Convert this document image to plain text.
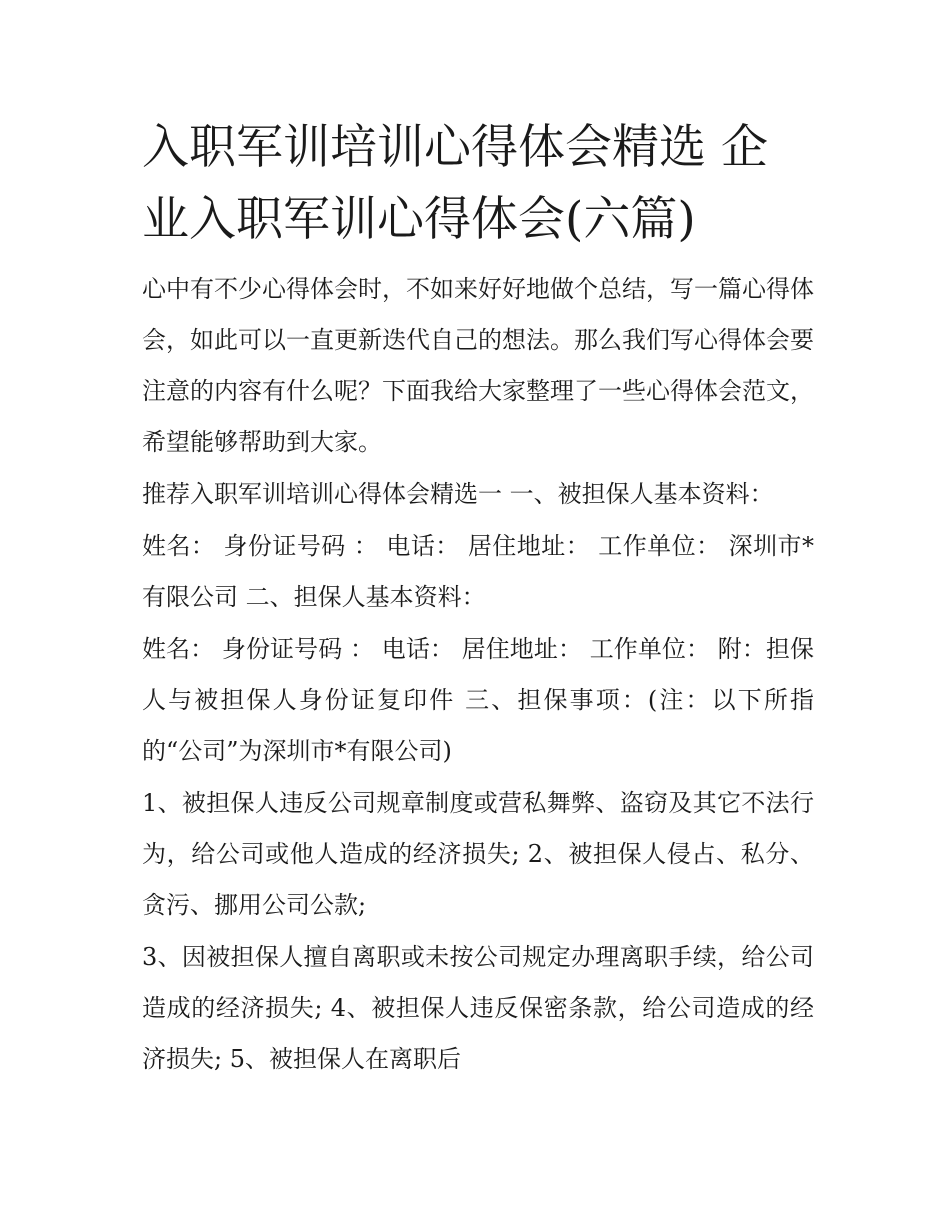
入职军训培训心得体会精选 企业入职军训心得体会(六篇)

心中有不少心得体会时，不如来好好地做个总结，写一篇心得体会，如此可以一直更新迭代自己的想法。那么我们写心得体会要注意的内容有什么呢？下面我给大家整理了一些心得体会范文，希望能够帮助到大家。

推荐入职军训培训心得体会精选一 一、被担保人基本资料：

姓名： 身份证号码 ： 电话： 居住地址： 工作单位： 深圳市*有限公司 二、担保人基本资料：

姓名： 身份证号码 ： 电话： 居住地址： 工作单位： 附：担保人与被担保人身份证复印件 三、担保事项：(注：以下所指的“公司”为深圳市*有限公司)

1、被担保人违反公司规章制度或营私舞弊、盗窃及其它不法行为，给公司或他人造成的经济损失; 2、被担保人侵占、私分、贪污、挪用公司公款;

3、因被担保人擅自离职或未按公司规定办理离职手续，给公司造成的经济损失; 4、被担保人违反保密条款，给公司造成的经济损失; 5、被担保人在离职后
